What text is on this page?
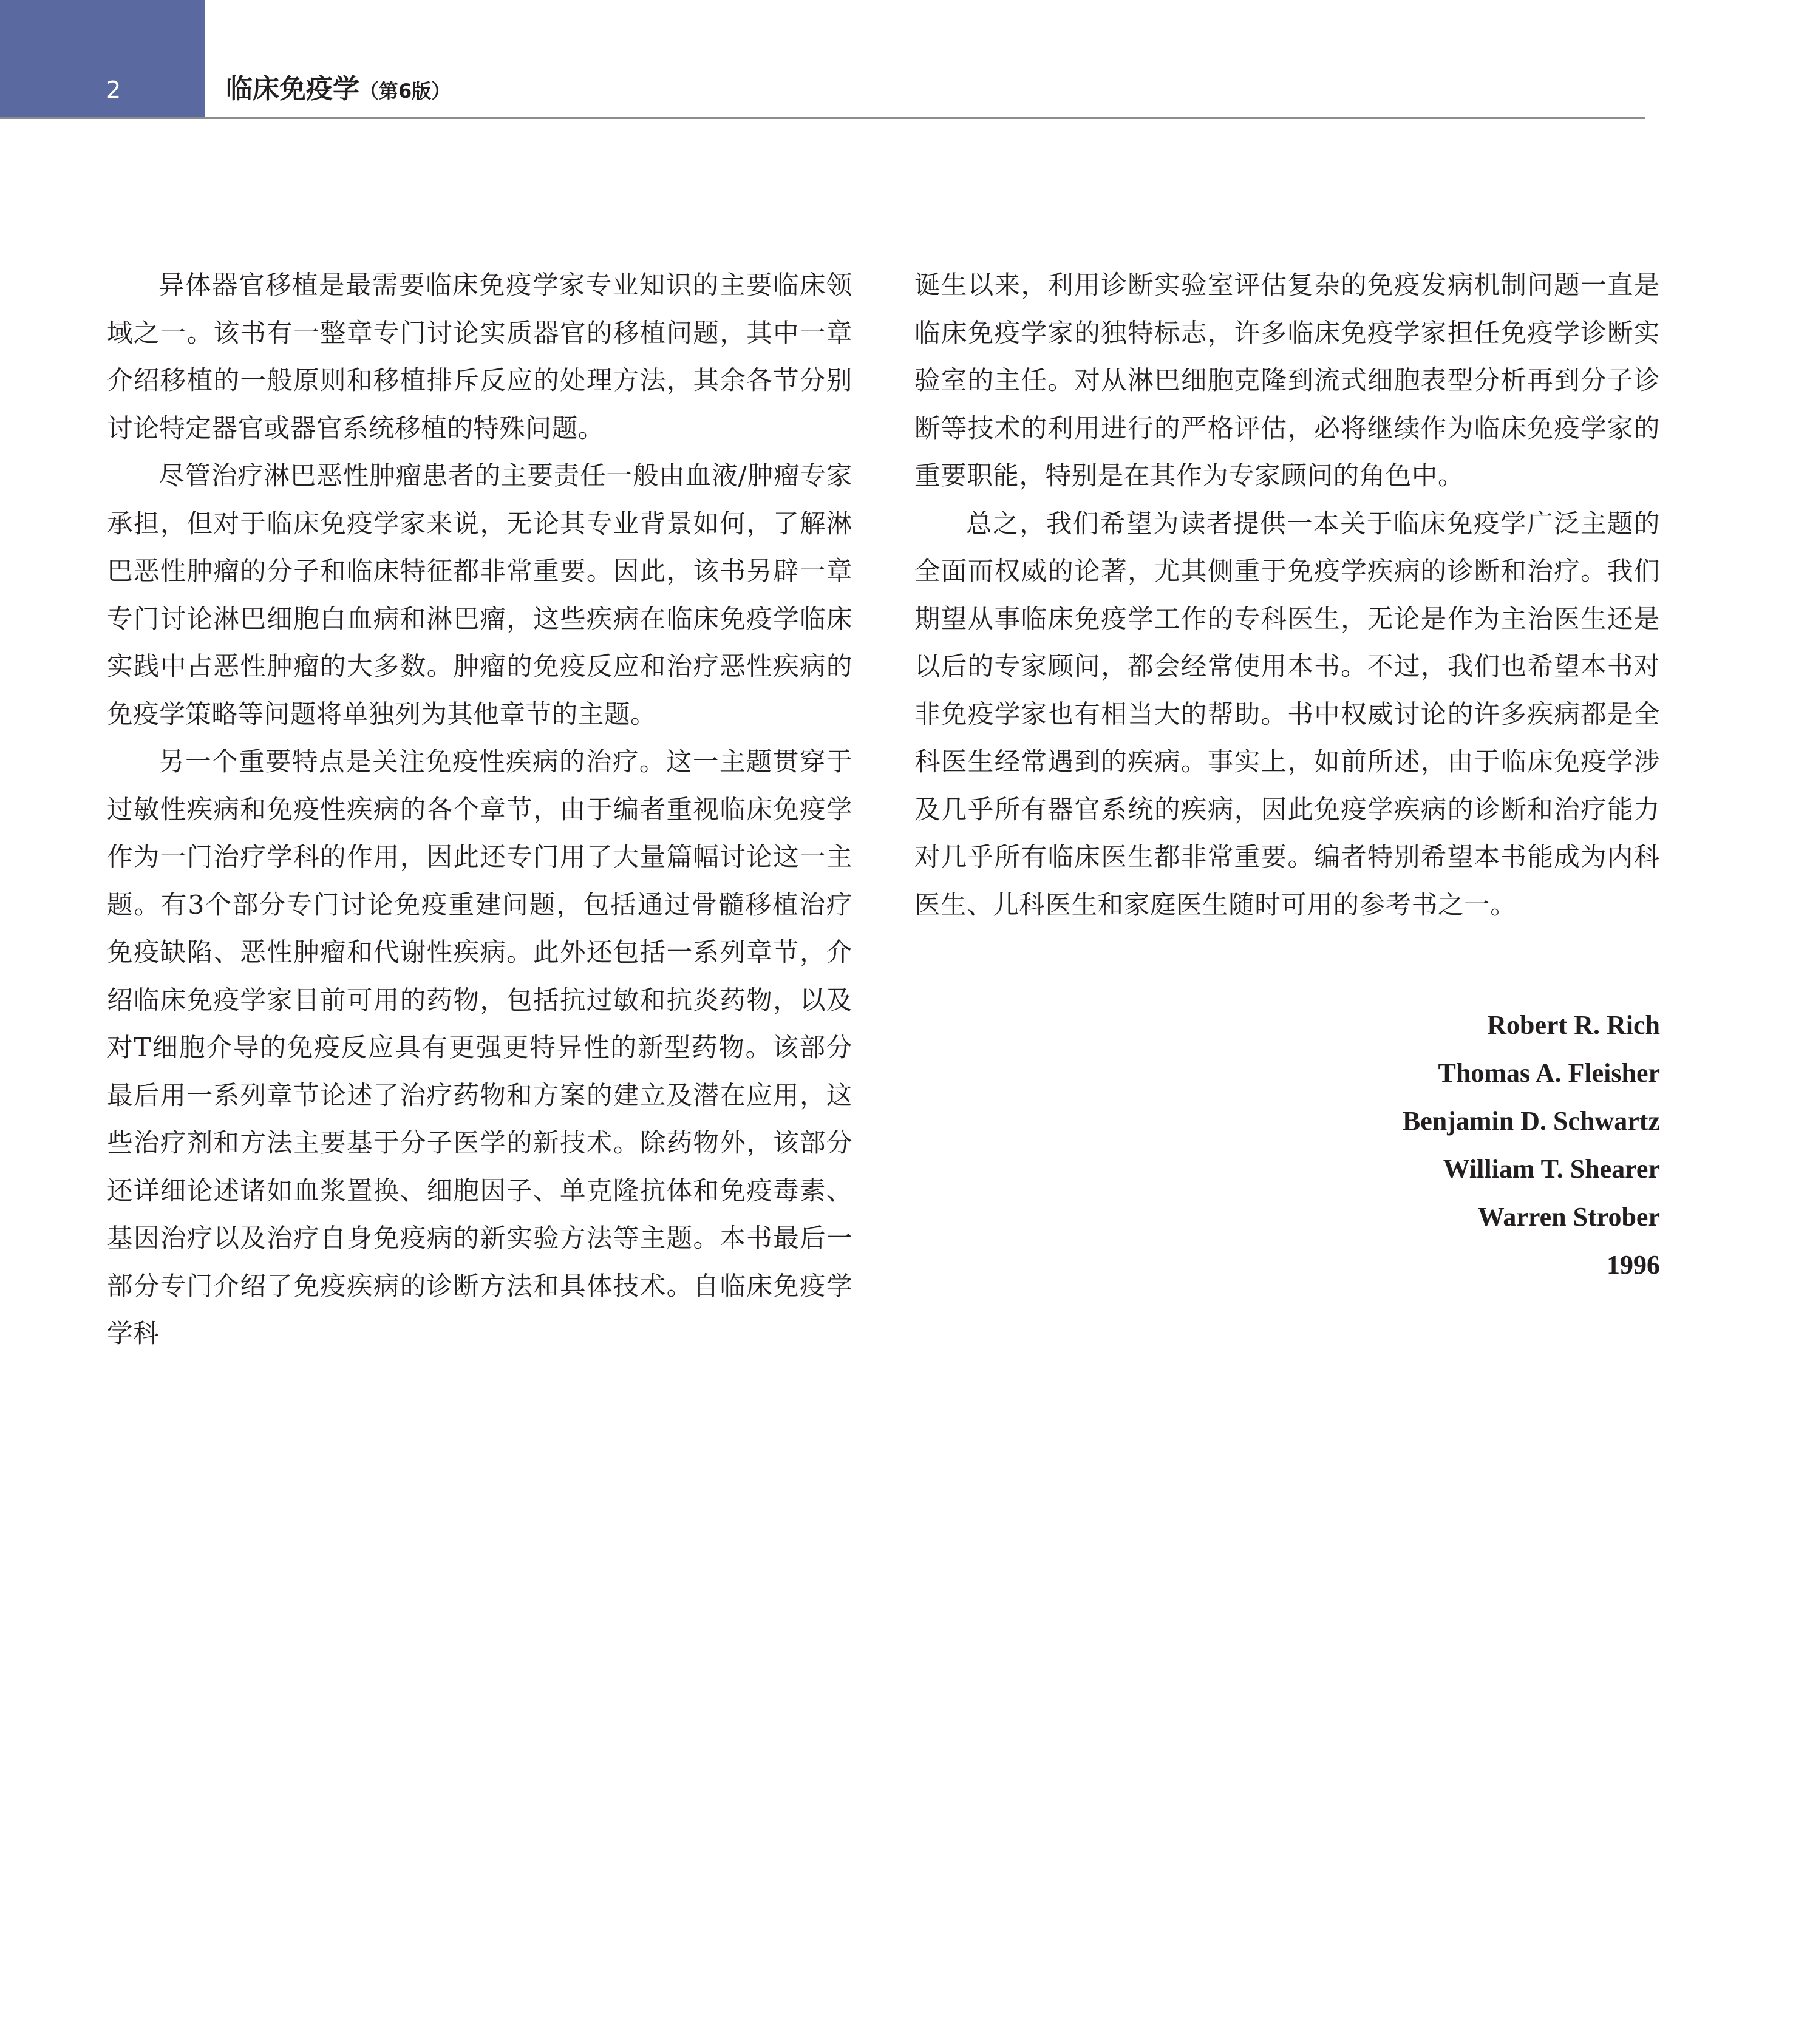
2	临床免疫学（第6版）

异体器官移植是最需要临床免疫学家专业知识的主要临床领域之一。该书有一整章专门讨论实质器官的移植问题，其中一章介绍移植的一般原则和移植排斥反应的处理方法，其余各节分别讨论特定器官或器官系统移植的特殊问题。

尽管治疗淋巴恶性肿瘤患者的主要责任一般由血液/肿瘤专家承担，但对于临床免疫学家来说，无论其专业背景如何，了解淋巴恶性肿瘤的分子和临床特征都非常重要。因此，该书另辟一章专门讨论淋巴细胞白血病和淋巴瘤，这些疾病在临床免疫学临床实践中占恶性肿瘤的大多数。肿瘤的免疫反应和治疗恶性疾病的免疫学策略等问题将单独列为其他章节的主题。

另一个重要特点是关注免疫性疾病的治疗。这一主题贯穿于过敏性疾病和免疫性疾病的各个章节，由于编者重视临床免疫学作为一门治疗学科的作用，因此还专门用了大量篇幅讨论这一主题。有3个部分专门讨论免疫重建问题，包括通过骨髓移植治疗免疫缺陷、恶性肿瘤和代谢性疾病。此外还包括一系列章节，介绍临床免疫学家目前可用的药物，包括抗过敏和抗炎药物，以及对T细胞介导的免疫反应具有更强更特异性的新型药物。该部分最后用一系列章节论述了治疗药物和方案的建立及潜在应用，这些治疗剂和方法主要基于分子医学的新技术。除药物外，该部分还详细论述诸如血浆置换、细胞因子、单克隆抗体和免疫毒素、基因治疗以及治疗自身免疫病的新实验方法等主题。本书最后一部分专门介绍了免疫疾病的诊断方法和具体技术。自临床免疫学学科

诞生以来，利用诊断实验室评估复杂的免疫发病机制问题一直是临床免疫学家的独特标志，许多临床免疫学家担任免疫学诊断实验室的主任。对从淋巴细胞克隆到流式细胞表型分析再到分子诊断等技术的利用进行的严格评估，必将继续作为临床免疫学家的重要职能，特别是在其作为专家顾问的角色中。

总之，我们希望为读者提供一本关于临床免疫学广泛主题的全面而权威的论著，尤其侧重于免疫学疾病的诊断和治疗。我们期望从事临床免疫学工作的专科医生，无论是作为主治医生还是以后的专家顾问，都会经常使用本书。不过，我们也希望本书对非免疫学家也有相当大的帮助。书中权威讨论的许多疾病都是全科医生经常遇到的疾病。事实上，如前所述，由于临床免疫学涉及几乎所有器官系统的疾病，因此免疫学疾病的诊断和治疗能力对几乎所有临床医生都非常重要。编者特别希望本书能成为内科医生、儿科医生和家庭医生随时可用的参考书之一。

Robert R. Rich
Thomas A. Fleisher
Benjamin D. Schwartz
William T. Shearer
Warren Strober
1996
